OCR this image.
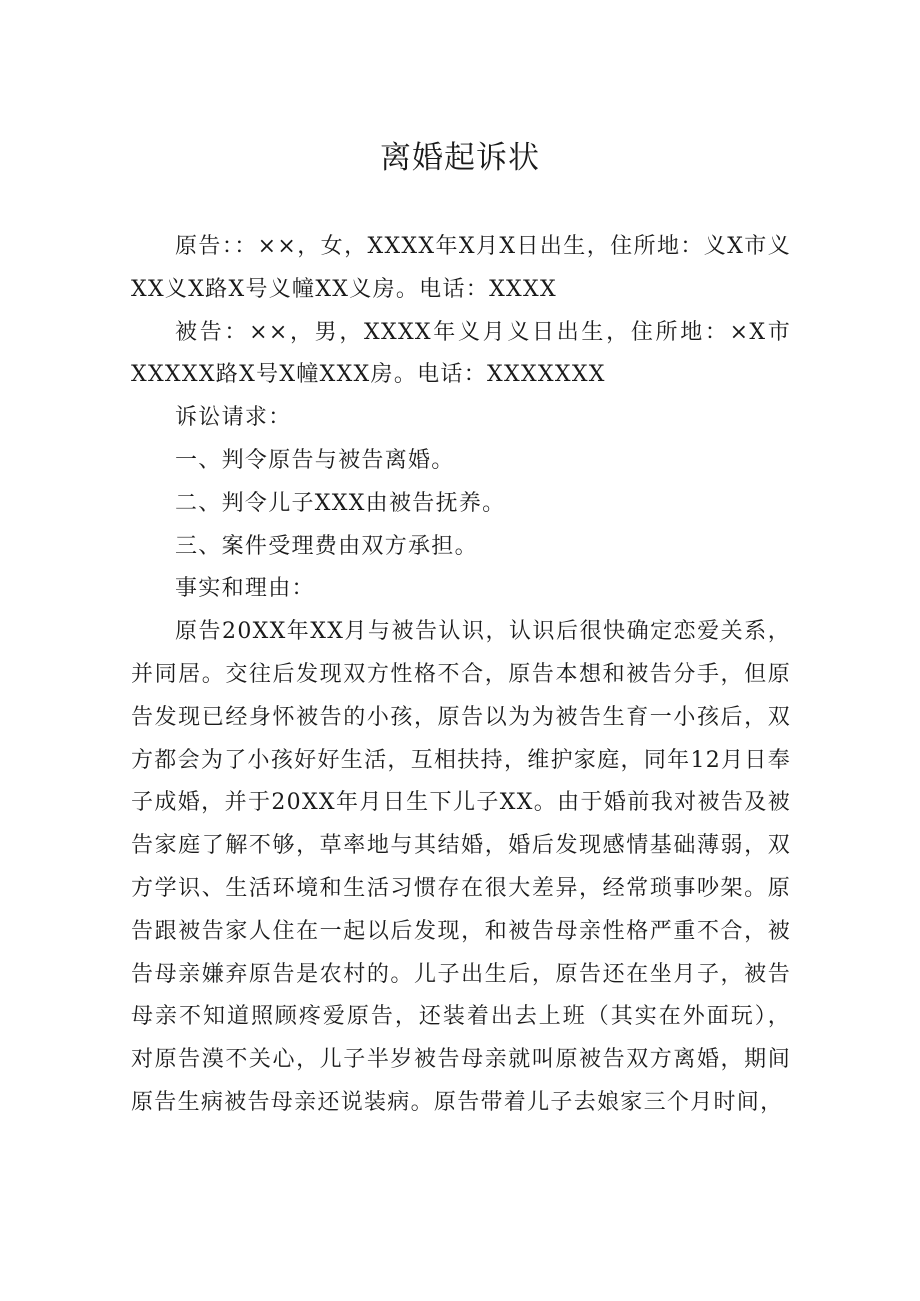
离婚起诉状

原告：：××，女，XXXX年X月X日出生，住所地：义X市义XX义X路X号义幢XX义房。电话：XXXX

被告：××，男，XXXX年义月义日出生，住所地：×X市XXXXX路X号X幢XXX房。电话：XXXXXXX

诉讼请求：

一、判令原告与被告离婚。

二、判令儿子XXX由被告抚养。

三、案件受理费由双方承担。

事实和理由：

原告20XX年XX月与被告认识，认识后很快确定恋爱关系，并同居。交往后发现双方性格不合，原告本想和被告分手，但原告发现已经身怀被告的小孩，原告以为为被告生育一小孩后，双方都会为了小孩好好生活，互相扶持，维护家庭，同年12月日奉子成婚，并于20XX年月日生下儿子XX。由于婚前我对被告及被告家庭了解不够，草率地与其结婚，婚后发现感情基础薄弱，双方学识、生活环境和生活习惯存在很大差异，经常琐事吵架。原告跟被告家人住在一起以后发现，和被告母亲性格严重不合，被告母亲嫌弃原告是农村的。儿子出生后，原告还在坐月子，被告母亲不知道照顾疼爱原告，还装着出去上班（其实在外面玩），对原告漠不关心，儿子半岁被告母亲就叫原被告双方离婚，期间原告生病被告母亲还说装病。原告带着儿子去娘家三个月时间，
